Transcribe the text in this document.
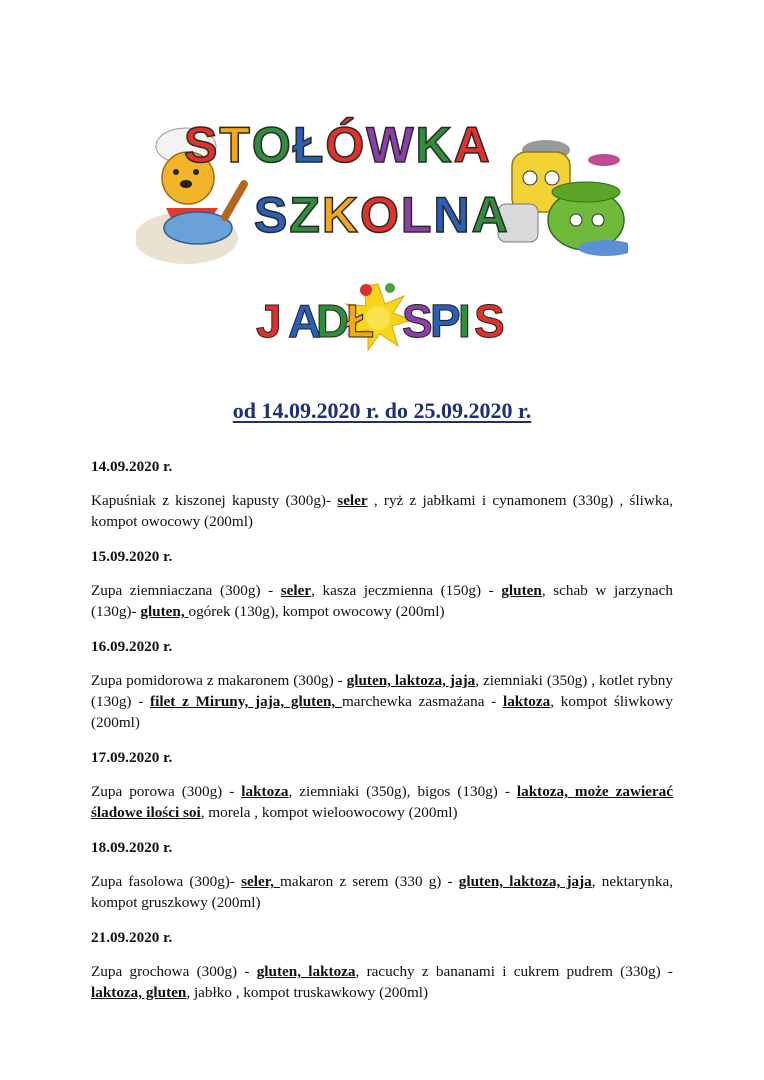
STOŁÓWKA
SZKOLNA
J A
D
Ł S
P
I S
od 14.09.2020 r. do 25.09.2020 r.
14.09.2020 r.
Kapuśniak z kiszonej kapusty (300g)- seler , ryż z jabłkami i cynamonem (330g) , śliwka, kompot owocowy (200ml)
15.09.2020 r.
Zupa ziemniaczana (300g) - seler, kasza jeczmienna (150g) - gluten, schab w jarzynach (130g)- gluten, ogórek (130g), kompot owocowy (200ml)
16.09.2020 r.
Zupa pomidorowa z makaronem (300g) - gluten, laktoza, jaja, ziemniaki (350g) , kotlet rybny (130g) - filet z Miruny, jaja, gluten, marchewka zasmażana - laktoza, kompot śliwkowy (200ml)
17.09.2020 r.
Zupa porowa (300g) - laktoza, ziemniaki (350g), bigos (130g) - laktoza, może zawierać śladowe ilości soi, morela , kompot wieloowocowy (200ml)
18.09.2020 r.
Zupa fasolowa (300g)- seler, makaron z serem (330 g) - gluten, laktoza, jaja, nektarynka, kompot gruszkowy (200ml)
21.09.2020 r.
Zupa grochowa (300g) - gluten, laktoza, racuchy z bananami i cukrem pudrem (330g) - laktoza, gluten, jabłko , kompot truskawkowy (200ml)
